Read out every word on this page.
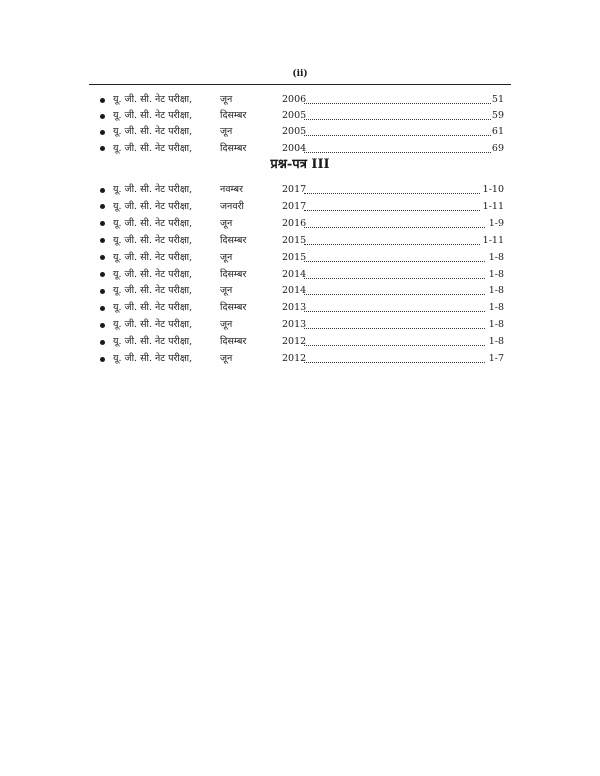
(ii)
यू. जी. सी. नेट परीक्षा,	जून	2006	51
यू. जी. सी. नेट परीक्षा,	दिसम्बर	2005	59
यू. जी. सी. नेट परीक्षा,	जून	2005	61
यू. जी. सी. नेट परीक्षा,	दिसम्बर	2004	69
प्रश्न-पत्र III
यू. जी. सी. नेट परीक्षा,	नवम्बर	2017	1-10
यू. जी. सी. नेट परीक्षा,	जनवरी	2017	1-11
यू. जी. सी. नेट परीक्षा,	जून	2016	1-9
यू. जी. सी. नेट परीक्षा,	दिसम्बर	2015	1-11
यू. जी. सी. नेट परीक्षा,	जून	2015	1-8
यू. जी. सी. नेट परीक्षा,	दिसम्बर	2014	1-8
यू. जी. सी. नेट परीक्षा,	जून	2014	1-8
यू. जी. सी. नेट परीक्षा,	दिसम्बर	2013	1-8
यू. जी. सी. नेट परीक्षा,	जून	2013	1-8
यू. जी. सी. नेट परीक्षा,	दिसम्बर	2012	1-8
यू. जी. सी. नेट परीक्षा,	जून	2012	1-7
